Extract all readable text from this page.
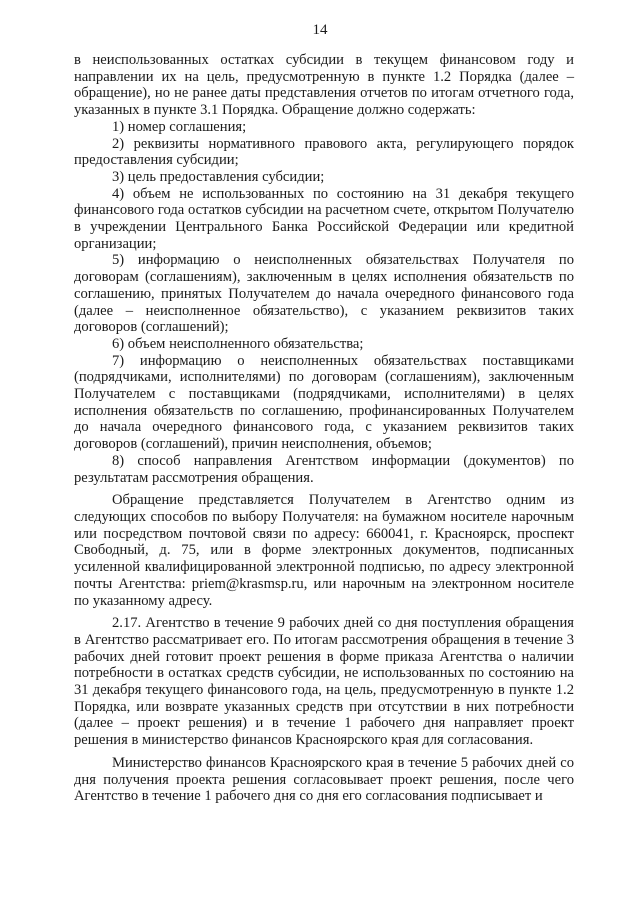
14

в неиспользованных остатках субсидии в текущем финансовом году и направлении их на цель, предусмотренную в пункте 1.2 Порядка (далее – обращение), но не ранее даты представления отчетов по итогам отчетного года, указанных в пункте 3.1 Порядка. Обращение должно содержать:

1) номер соглашения;

2) реквизиты нормативного правового акта, регулирующего порядок предоставления субсидии;

3) цель предоставления субсидии;

4) объем не использованных по состоянию на 31 декабря текущего финансового года остатков субсидии на расчетном счете, открытом Получателю в учреждении Центрального Банка Российской Федерации или кредитной организации;

5) информацию о неисполненных обязательствах Получателя по договорам (соглашениям), заключенным в целях исполнения обязательств по соглашению, принятых Получателем до начала очередного финансового года (далее – неисполненное обязательство), с указанием реквизитов таких договоров (соглашений);

6) объем неисполненного обязательства;

7) информацию о неисполненных обязательствах поставщиками (подрядчиками, исполнителями) по договорам (соглашениям), заключенным Получателем с поставщиками (подрядчиками, исполнителями) в целях исполнения обязательств по соглашению, профинансированных Получателем до начала очередного финансового года, с указанием реквизитов таких договоров (соглашений), причин неисполнения, объемов;

8) способ направления Агентством информации (документов) по результатам рассмотрения обращения.

Обращение представляется Получателем в Агентство одним из следующих способов по выбору Получателя: на бумажном носителе нарочным или посредством почтовой связи по адресу: 660041, г. Красноярск, проспект Свободный, д. 75, или в форме электронных документов, подписанных усиленной квалифицированной электронной подписью, по адресу электронной почты Агентства: priem@krasmsp.ru, или нарочным на электронном носителе по указанному адресу.

2.17. Агентство в течение 9 рабочих дней со дня поступления обращения в Агентство рассматривает его. По итогам рассмотрения обращения в течение 3 рабочих дней готовит проект решения в форме приказа Агентства о наличии потребности в остатках средств субсидии, не использованных по состоянию на 31 декабря текущего финансового года, на цель, предусмотренную в пункте 1.2 Порядка, или возврате указанных средств при отсутствии в них потребности (далее – проект решения) и в течение 1 рабочего дня направляет проект решения в министерство финансов Красноярского края для согласования.

Министерство финансов Красноярского края в течение 5 рабочих дней со дня получения проекта решения согласовывает проект решения, после чего Агентство в течение 1 рабочего дня со дня его согласования подписывает и
